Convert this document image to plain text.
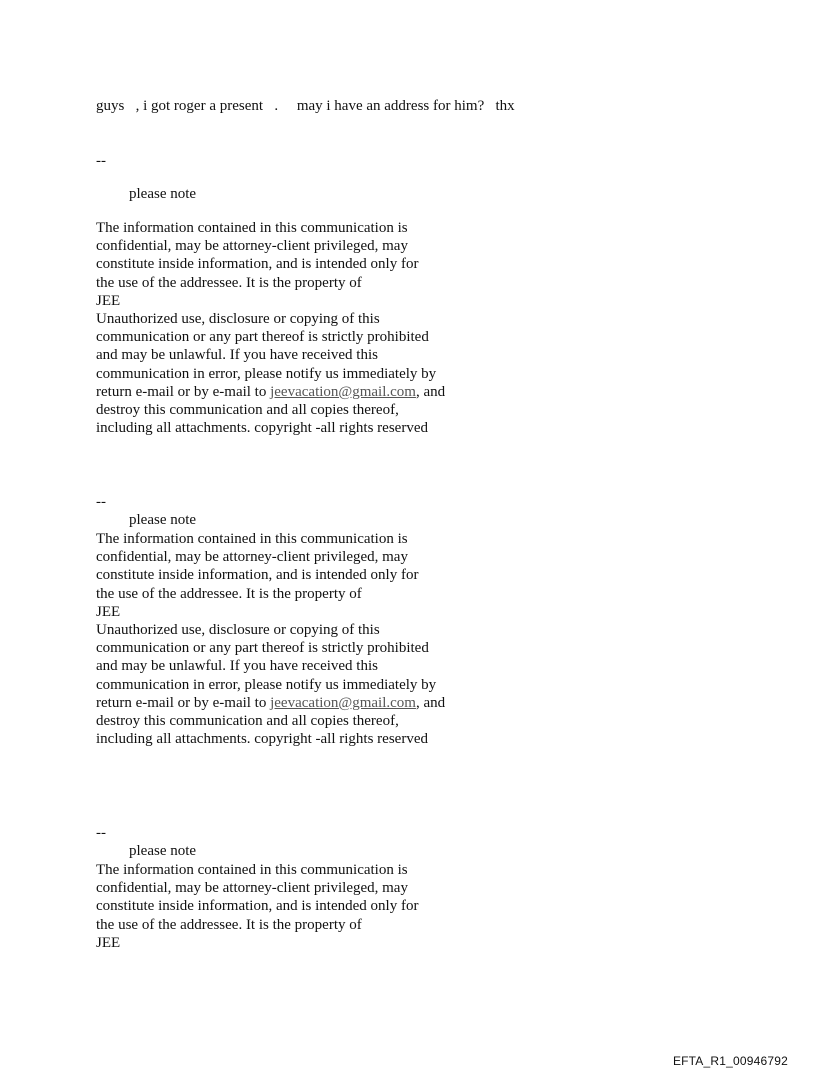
guys , i got roger a present . may i have an address for him? thx
--
please note
The information contained in this communication is
confidential, may be attorney-client privileged, may
constitute inside information, and is intended only for
the use of the addressee. It is the property of
JEE
Unauthorized use, disclosure or copying of this
communication or any part thereof is strictly prohibited
and may be unlawful. If you have received this
communication in error, please notify us immediately by
return e-mail or by e-mail to jeevacation@gmail.com, and
destroy this communication and all copies thereof,
including all attachments. copyright -all rights reserved
--
please note
The information contained in this communication is
confidential, may be attorney-client privileged, may
constitute inside information, and is intended only for
the use of the addressee. It is the property of
JEE
Unauthorized use, disclosure or copying of this
communication or any part thereof is strictly prohibited
and may be unlawful. If you have received this
communication in error, please notify us immediately by
return e-mail or by e-mail to jeevacation@gmail.com, and
destroy this communication and all copies thereof,
including all attachments. copyright -all rights reserved
--
please note
The information contained in this communication is
confidential, may be attorney-client privileged, may
constitute inside information, and is intended only for
the use of the addressee. It is the property of
JEE
EFTA_R1_00946792
